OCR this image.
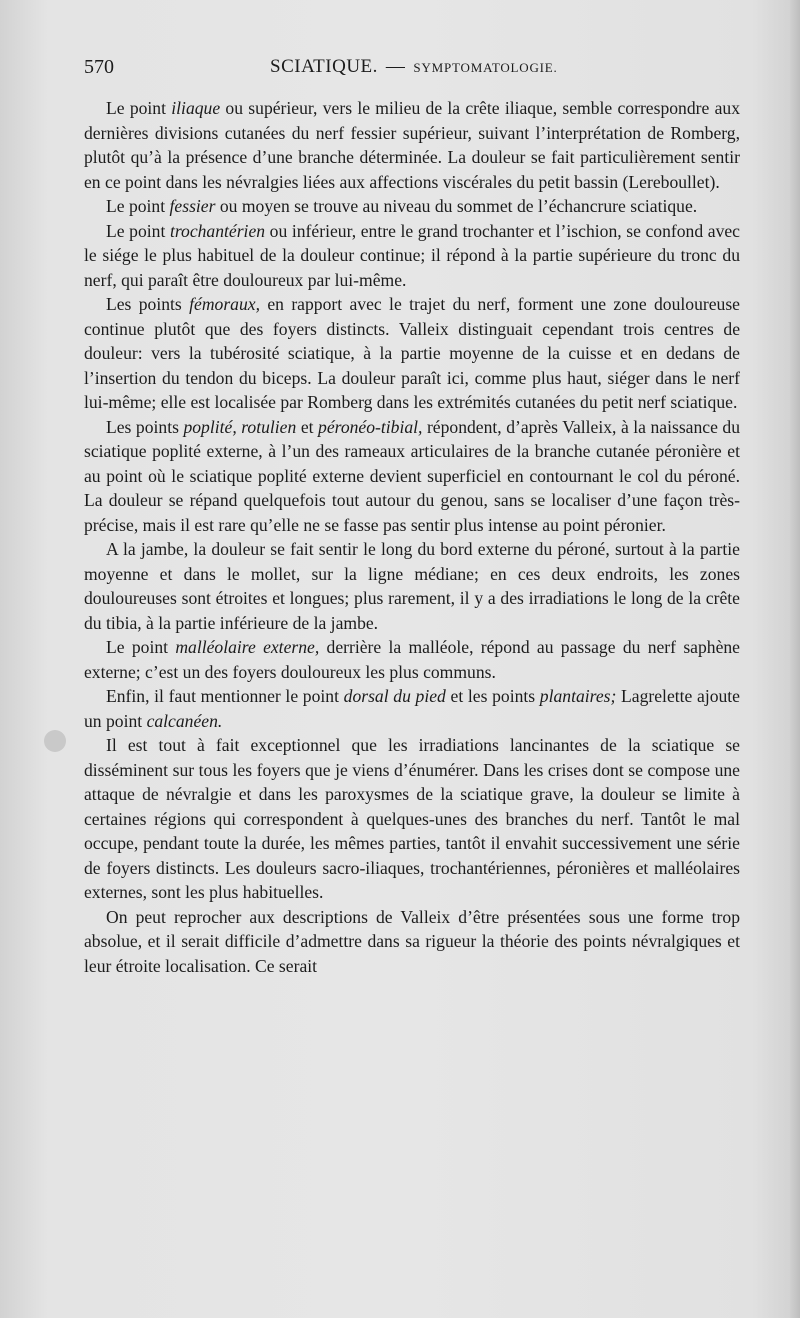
570	SCIATIQUE. — SYMPTOMATOLOGIE.

Le point iliaque ou supérieur, vers le milieu de la crête iliaque, semble correspondre aux dernières divisions cutanées du nerf fessier supérieur, suivant l’interprétation de Romberg, plutôt qu’à la présence d’une branche déterminée. La douleur se fait particulièrement sentir en ce point dans les névralgies liées aux affections viscérales du petit bassin (Lereboullet).

Le point fessier ou moyen se trouve au niveau du sommet de l’échancrure sciatique.

Le point trochantérien ou inférieur, entre le grand trochanter et l’ischion, se confond avec le siége le plus habituel de la douleur continue; il répond à la partie supérieure du tronc du nerf, qui paraît être douloureux par lui-même.

Les points fémoraux, en rapport avec le trajet du nerf, forment une zone douloureuse continue plutôt que des foyers distincts. Valleix distinguait cependant trois centres de douleur: vers la tubérosité sciatique, à la partie moyenne de la cuisse et en dedans de l’insertion du tendon du biceps. La douleur paraît ici, comme plus haut, siéger dans le nerf lui-même; elle est localisée par Romberg dans les extrémités cutanées du petit nerf sciatique.

Les points poplité, rotulien et péronéo-tibial, répondent, d’après Valleix, à la naissance du sciatique poplité externe, à l’un des rameaux articulaires de la branche cutanée péronière et au point où le sciatique poplité externe devient superficiel en contournant le col du péroné. La douleur se répand quelquefois tout autour du genou, sans se localiser d’une façon très-précise, mais il est rare qu’elle ne se fasse pas sentir plus intense au point péronier.

A la jambe, la douleur se fait sentir le long du bord externe du péroné, surtout à la partie moyenne et dans le mollet, sur la ligne médiane; en ces deux endroits, les zones douloureuses sont étroites et longues; plus rarement, il y a des irradiations le long de la crête du tibia, à la partie inférieure de la jambe.

Le point malléolaire externe, derrière la malléole, répond au passage du nerf saphène externe; c’est un des foyers douloureux les plus communs.

Enfin, il faut mentionner le point dorsal du pied et les points plantaires; Lagrelette ajoute un point calcanéen.

Il est tout à fait exceptionnel que les irradiations lancinantes de la sciatique se disséminent sur tous les foyers que je viens d’énumérer. Dans les crises dont se compose une attaque de névralgie et dans les paroxysmes de la sciatique grave, la douleur se limite à certaines régions qui correspondent à quelques-unes des branches du nerf. Tantôt le mal occupe, pendant toute la durée, les mêmes parties, tantôt il envahit successivement une série de foyers distincts. Les douleurs sacro-iliaques, trochantériennes, péronières et malléolaires externes, sont les plus habituelles.

On peut reprocher aux descriptions de Valleix d’être présentées sous une forme trop absolue, et il serait difficile d’admettre dans sa rigueur la théorie des points névralgiques et leur étroite localisation. Ce serait
